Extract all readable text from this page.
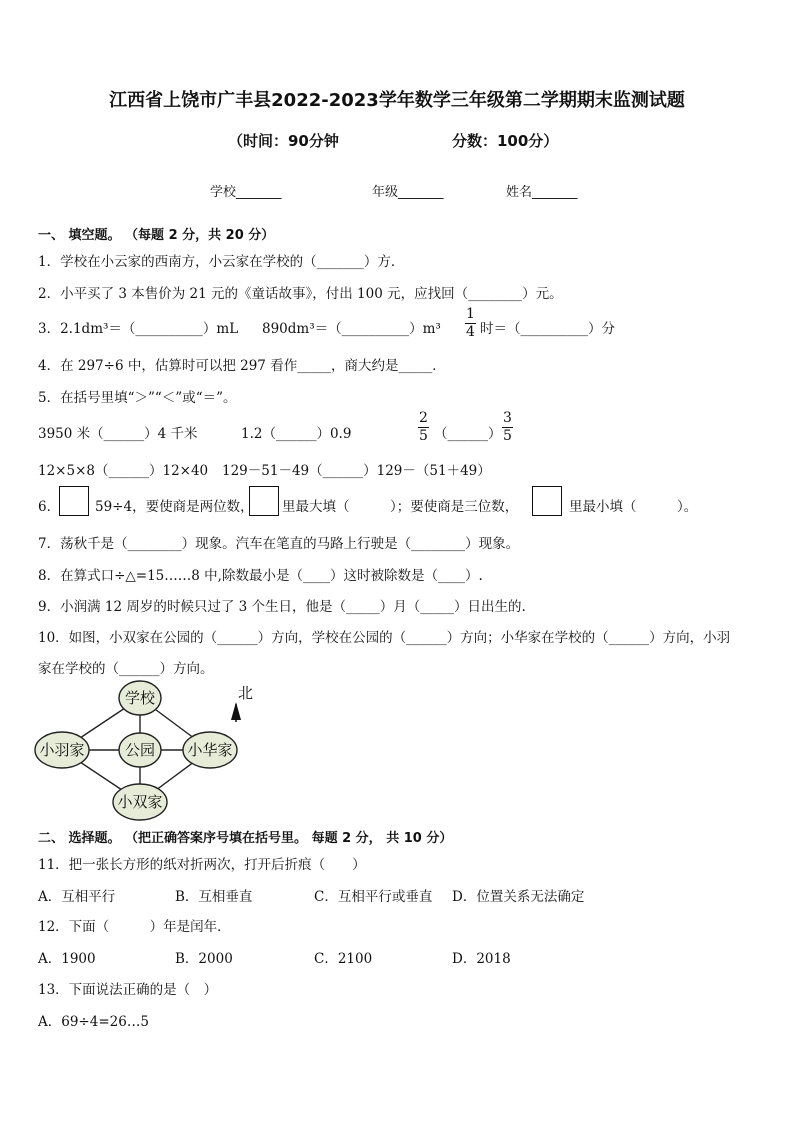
江西省上饶市广丰县2022-2023学年数学三年级第二学期期末监测试题
（时间：90分钟	分数：100分）
学校_______	年级_______	姓名_______
一、 填空题。 （每题 2 分，共 20 分）
1．学校在小云家的西南方，小云家在学校的（_______）方．
2．小平买了 3 本售价为 21 元的《童话故事》，付出 100 元，应找回（________）元。
3．2.1dm³＝（__________）mL 890dm³＝（__________）m³ $\frac{1}{4}$ 时＝（__________）分
4．在 297÷6 中，估算时可以把 297 看作_____，商大约是_____．
5．在括号里填“＞”“＜”或“＝”。
3950 米（______）4 千米	1.2（______）0.9	$\frac{2}{5}$ （______） $\frac{3}{5}$
12×5×8（______）12×40 129－51－49（______）129－（51＋49）
6．	59÷4，要使商是两位数， 里最大填（　　　）；要使商是三位数，	里最小填（　　　）。
7．荡秋千是（________）现象。汽车在笔直的马路上行驶是（________）现象。
8．在算式口÷△=15……8 中,除数最小是（____）这时被除数是（____）.
9．小润满 12 周岁的时候只过了 3 个生日，他是（_____）月（_____）日出生的.
10．如图，小双家在公园的（______）方向，学校在公园的（______）方向；小华家在学校的（______）方向，小羽
家在学校的（______）方向。
学校
公园
小羽家	小华家
小双家
北
二、 选择题。 （把正确答案序号填在括号里。 每题 2 分， 共 10 分）
11．把一张长方形的纸对折两次，打开后折痕（　　）
A．互相平行	B．互相垂直	C．互相平行或垂直 D．位置关系无法确定
12．下面（　　　）年是闰年．
A．1900	B．2000	C．2100	D．2018
13．下面说法正确的是（　）
A．69÷4=26…5
